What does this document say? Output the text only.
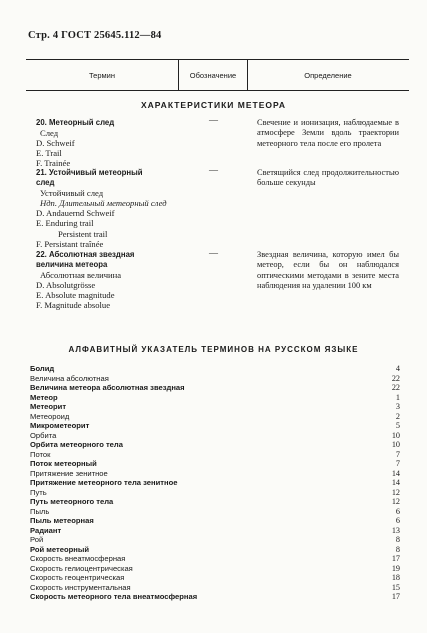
Стр. 4 ГОСТ 25645.112—84
Термин	Обозначение	Определение
ХАРАКТЕРИСТИКИ МЕТЕОРА
20. Метеорный след
След
D. Schweif
E. Trail
F. Trainée
—	Свечение и ионизация, наблюдаемые в атмосфере Земли вдоль траектории метеорного тела после его пролета
21. Устойчивый метеорный
след
Устойчивый след
Ндп. Длительный метеорный след
D. Andauernd Schweif
E. Enduring trail
Persistent trail
F. Persistant traînée
—	Светящийся след продолжительностью больше секунды
22. Абсолютная звездная величина метеора
Абсолютная величина
D. Absolutgrösse
E. Absolute magnitude
F. Magnitude absolue
—	Звездная величина, которую имел бы метеор, если бы он наблюдался оптическими методами в зените места наблюдения на удалении 100 км
АЛФАВИТНЫЙ УКАЗАТЕЛЬ ТЕРМИНОВ НА РУССКОМ ЯЗЫКЕ
Болид	4
Величина абсолютная	22
Величина метеора абсолютная звездная	22
Метеор	1
Метеорит	3
Метеороид	2
Микрометеорит	5
Орбита	10
Орбита метеорного тела	10
Поток	7
Поток метеорный	7
Притяжение зенитное	14
Притяжение метеорного тела зенитное	14
Путь	12
Путь метеорного тела	12
Пыль	6
Пыль метеорная	6
Радиант	13
Рой	8
Рой метеорный	8
Скорость внеатмосферная	17
Скорость гелиоцентрическая	19
Скорость геоцентрическая	18
Скорость инструментальная	15
Скорость метеорного тела внеатмосферная	17
